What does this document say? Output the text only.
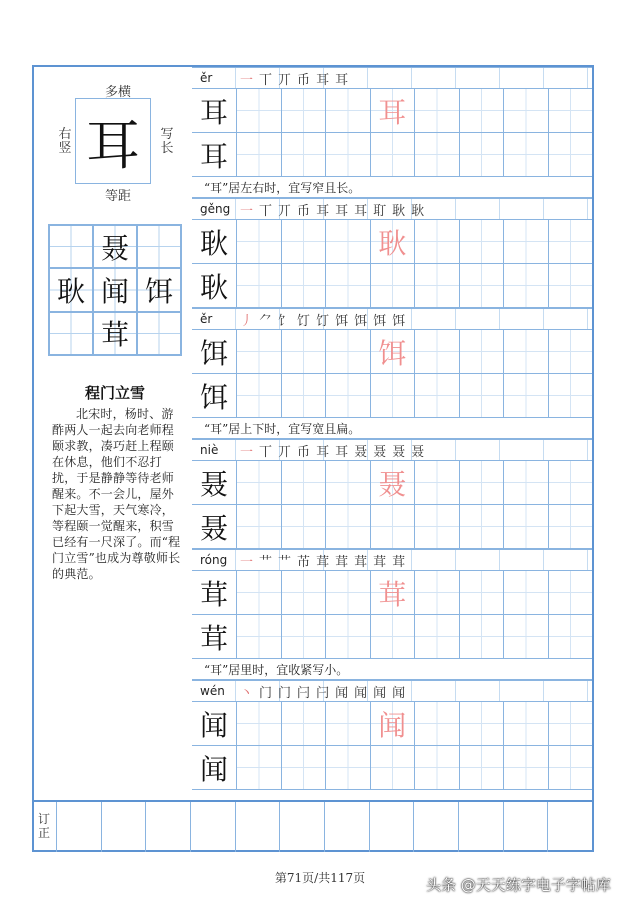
多横
右竖
写长
等距
耳
聂
耿 闻 饵
茸
程门立雪
北宋时，杨时、游酢两人一起去向老师程颐求教，凑巧赶上程颐在休息，他们不忍打扰，于是静静等待老师醒来。不一会儿，屋外下起大雪，天气寒冷，等程颐一觉醒来，积雪已经有一尺深了。而“程门立雪”也成为尊敬师长的典范。
ěr	一 丅 丌 币 耳 耳
耳	耳
耳
“耳”居左右时，宜写窄且长。
gěng 一 丅 丌 币 耳 耳 耳 耵 耿 耿
耿	耿
耿
ěr	丿 ⺈ 饣 饤 饤 饵 饵 饵 饵
饵	饵
饵
“耳”居上下时，宜写宽且扁。
niè	一 丅 丌 币 耳 耳 聂 聂 聂 聂
聂	聂
聂
róng 一 艹 艹 芇 茸 茸 茸 茸 茸
茸	茸
茸
“耳”居里时，宜收紧写小。
wén	丶 门 门 闩 闩 闻 闻 闻 闻
闻	闻
闻
订正
第71页/共117页	头条 @天天练字电子字帖库
